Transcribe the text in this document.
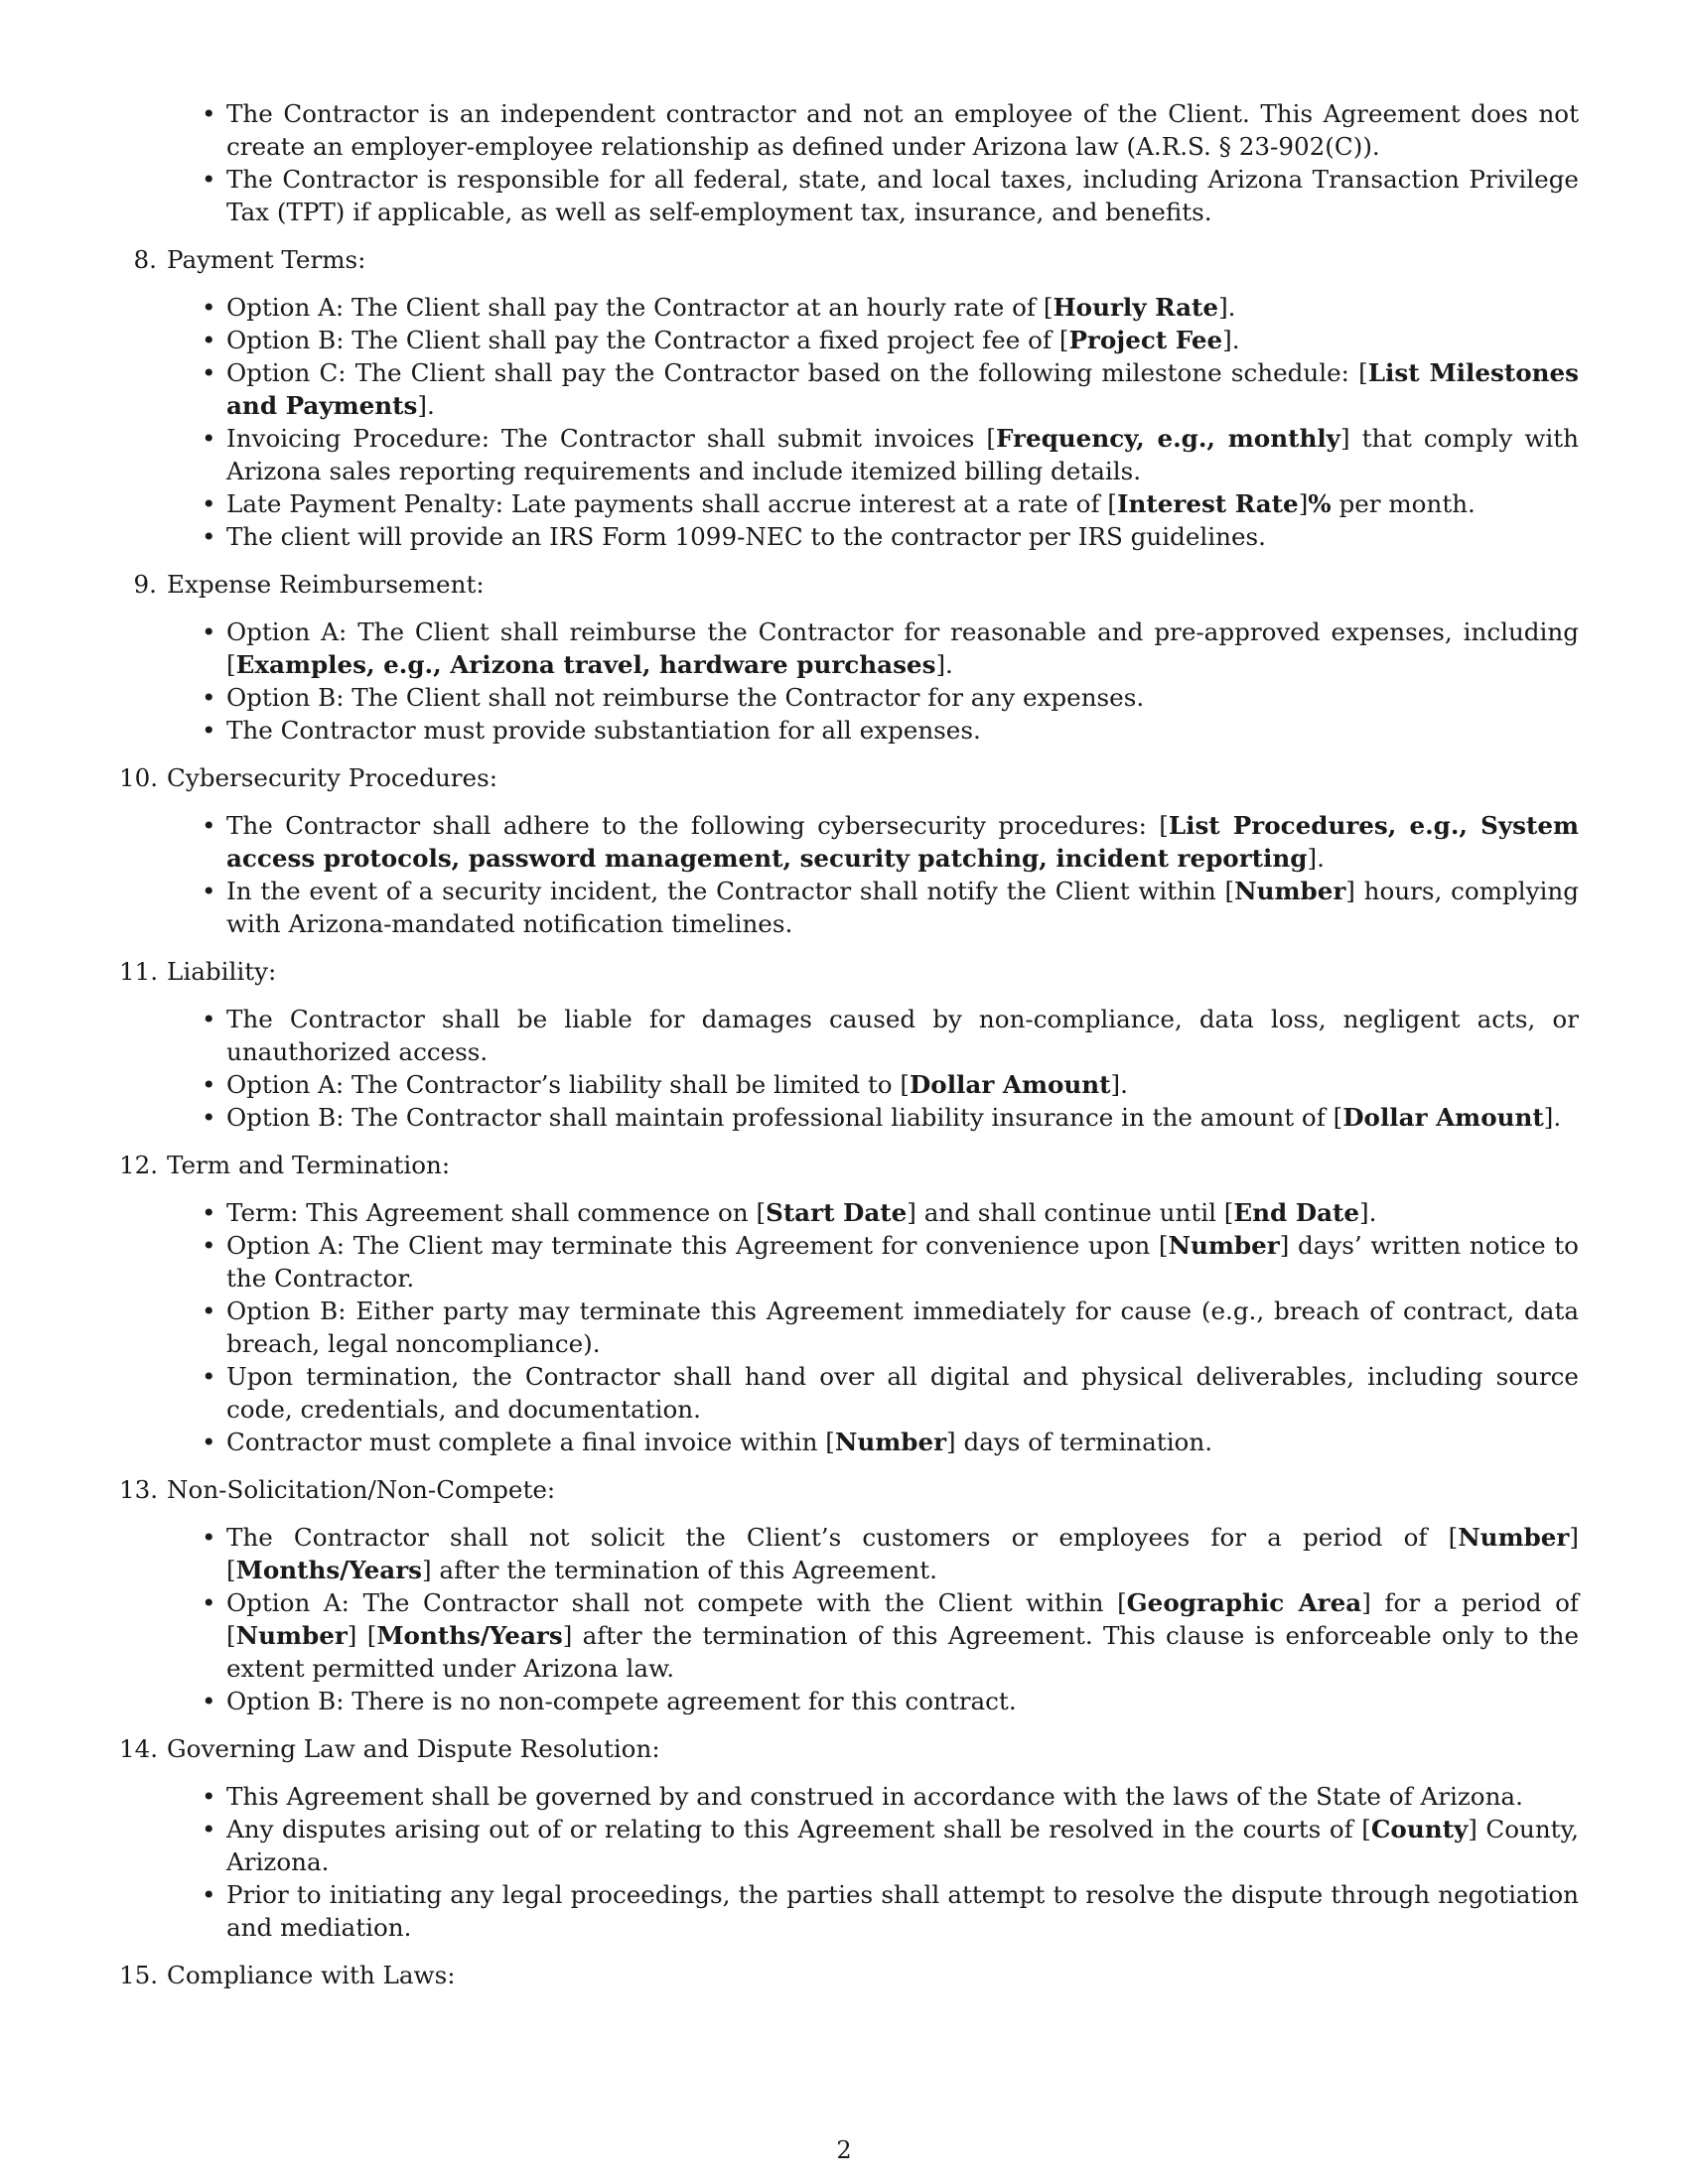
• The Contractor is an independent contractor and not an employee of the Client. This Agreement does not create an employer-employee relationship as defined under Arizona law (A.R.S. § 23-902(C)).
• The Contractor is responsible for all federal, state, and local taxes, including Arizona Transaction Privilege Tax (TPT) if applicable, as well as self-employment tax, insurance, and benefits.
8. Payment Terms:
• Option A: The Client shall pay the Contractor at an hourly rate of [Hourly Rate].
• Option B: The Client shall pay the Contractor a fixed project fee of [Project Fee].
• Option C: The Client shall pay the Contractor based on the following milestone schedule: [List Milestones and Payments].
• Invoicing Procedure: The Contractor shall submit invoices [Frequency, e.g., monthly] that comply with Arizona sales reporting requirements and include itemized billing details.
• Late Payment Penalty: Late payments shall accrue interest at a rate of [Interest Rate]% per month.
• The client will provide an IRS Form 1099-NEC to the contractor per IRS guidelines.
9. Expense Reimbursement:
• Option A: The Client shall reimburse the Contractor for reasonable and pre-approved expenses, including [Examples, e.g., Arizona travel, hardware purchases].
• Option B: The Client shall not reimburse the Contractor for any expenses.
• The Contractor must provide substantiation for all expenses.
10. Cybersecurity Procedures:
• The Contractor shall adhere to the following cybersecurity procedures: [List Procedures, e.g., System access protocols, password management, security patching, incident reporting].
• In the event of a security incident, the Contractor shall notify the Client within [Number] hours, complying with Arizona-mandated notification timelines.
11. Liability:
• The Contractor shall be liable for damages caused by non-compliance, data loss, negligent acts, or unauthorized access.
• Option A: The Contractor’s liability shall be limited to [Dollar Amount].
• Option B: The Contractor shall maintain professional liability insurance in the amount of [Dollar Amount].
12. Term and Termination:
• Term: This Agreement shall commence on [Start Date] and shall continue until [End Date].
• Option A: The Client may terminate this Agreement for convenience upon [Number] days’ written notice to the Contractor.
• Option B: Either party may terminate this Agreement immediately for cause (e.g., breach of contract, data breach, legal noncompliance).
• Upon termination, the Contractor shall hand over all digital and physical deliverables, including source code, credentials, and documentation.
• Contractor must complete a final invoice within [Number] days of termination.
13. Non-Solicitation/Non-Compete:
• The Contractor shall not solicit the Client’s customers or employees for a period of [Number] [Months/Years] after the termination of this Agreement.
• Option A: The Contractor shall not compete with the Client within [Geographic Area] for a period of [Number] [Months/Years] after the termination of this Agreement. This clause is enforceable only to the extent permitted under Arizona law.
• Option B: There is no non-compete agreement for this contract.
14. Governing Law and Dispute Resolution:
• This Agreement shall be governed by and construed in accordance with the laws of the State of Arizona.
• Any disputes arising out of or relating to this Agreement shall be resolved in the courts of [County] County, Arizona.
• Prior to initiating any legal proceedings, the parties shall attempt to resolve the dispute through negotiation and mediation.
15. Compliance with Laws:
2
